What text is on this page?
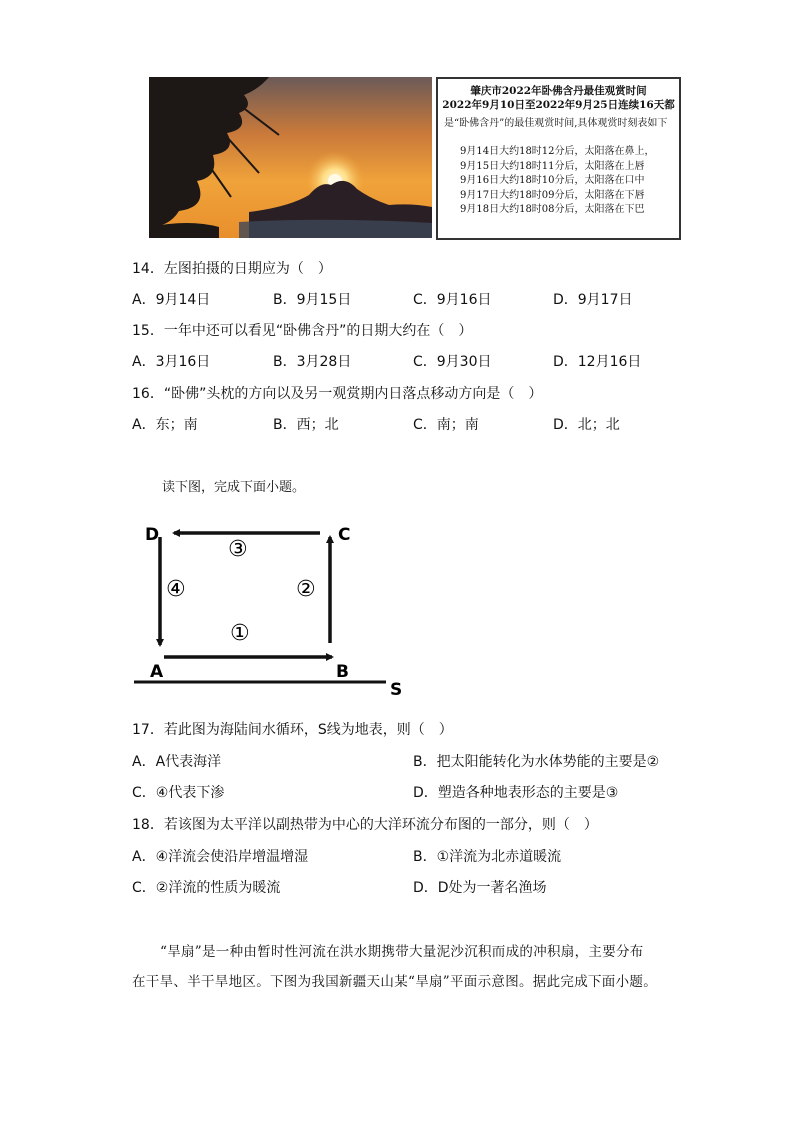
肇庆市2022年卧佛含丹最佳观赏时间
2022年9月10日至2022年9月25日连续16天都
是“卧佛含丹”的最佳观赏时间,具体观赏时刻表如下
9月14日大约18时12分后，太阳落在鼻上，
9月15日大约18时11分后，太阳落在上唇
9月16日大约18时10分后，太阳落在口中
9月17日大约18时09分后，太阳落在下唇
9月18日大约18时08分后，太阳落在下巴
14．左图拍摄的日期应为（　）
A．9月14日	B．9月15日	C．9月16日	D．9月17日
15．一年中还可以看见“卧佛含丹”的日期大约在（　）
A．3月16日	B．3月28日	C．9月30日	D．12月16日
16．“卧佛”头枕的方向以及另一观赏期内日落点移动方向是（　）
A．东；南	B．西；北	C．南；南	D．北；北
读下图，完成下面小题。
D	C
A	B
S
③
④	②
①
17．若此图为海陆间水循环，S线为地表，则（　）
A．A代表海洋	B．把太阳能转化为水体势能的主要是②
C．④代表下渗	D．塑造各种地表形态的主要是③
18．若该图为太平洋以副热带为中心的大洋环流分布图的一部分，则（　）
A．④洋流会使沿岸增温增湿	B．①洋流为北赤道暖流
C．②洋流的性质为暖流	D．D处为一著名渔场
“旱扇”是一种由暂时性河流在洪水期携带大量泥沙沉积而成的冲积扇，主要分布
在干旱、半干旱地区。下图为我国新疆天山某“旱扇”平面示意图。据此完成下面小题。
